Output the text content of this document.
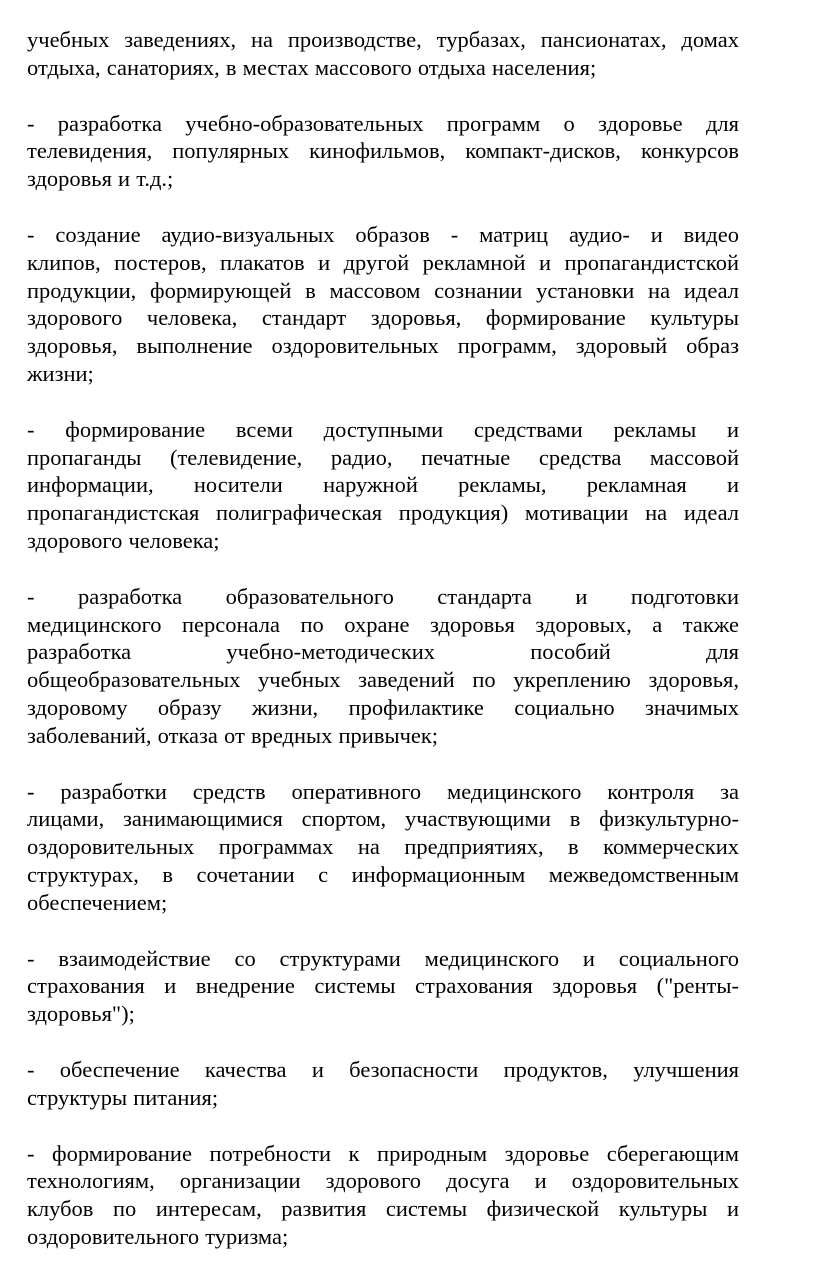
учебных заведениях, на производстве, турбазах, пансионатах, домах
отдыха, санаториях, в местах массового отдыха населения;

- разработка учебно-образовательных программ о здоровье для
телевидения, популярных кинофильмов, компакт-дисков, конкурсов
здоровья и т.д.;

- создание аудио-визуальных образов - матриц аудио- и видео
клипов, постеров, плакатов и другой рекламной и пропагандистской
продукции, формирующей в массовом сознании установки на идеал
здорового человека, стандарт здоровья, формирование культуры
здоровья, выполнение оздоровительных программ, здоровый образ
жизни;

- формирование всеми доступными средствами рекламы и
пропаганды (телевидение, радио, печатные средства массовой
информации, носители наружной рекламы, рекламная и
пропагандистская полиграфическая продукция) мотивации на идеал
здорового человека;

- разработка образовательного стандарта и подготовки
медицинского персонала по охране здоровья здоровых, а также
разработка учебно-методических пособий для
общеобразовательных учебных заведений по укреплению здоровья,
здоровому образу жизни, профилактике социально значимых
заболеваний, отказа от вредных привычек;

- разработки средств оперативного медицинского контроля за
лицами, занимающимися спортом, участвующими в физкультурно-
оздоровительных программах на предприятиях, в коммерческих
структурах, в сочетании с информационным межведомственным
обеспечением;

- взаимодействие со структурами медицинского и социального
страхования и внедрение системы страхования здоровья ("ренты-
здоровья");

- обеспечение качества и безопасности продуктов, улучшения
структуры питания;

- формирование потребности к природным здоровье сберегающим
технологиям, организации здорового досуга и оздоровительных
клубов по интересам, развития системы физической культуры и
оздоровительного туризма;
